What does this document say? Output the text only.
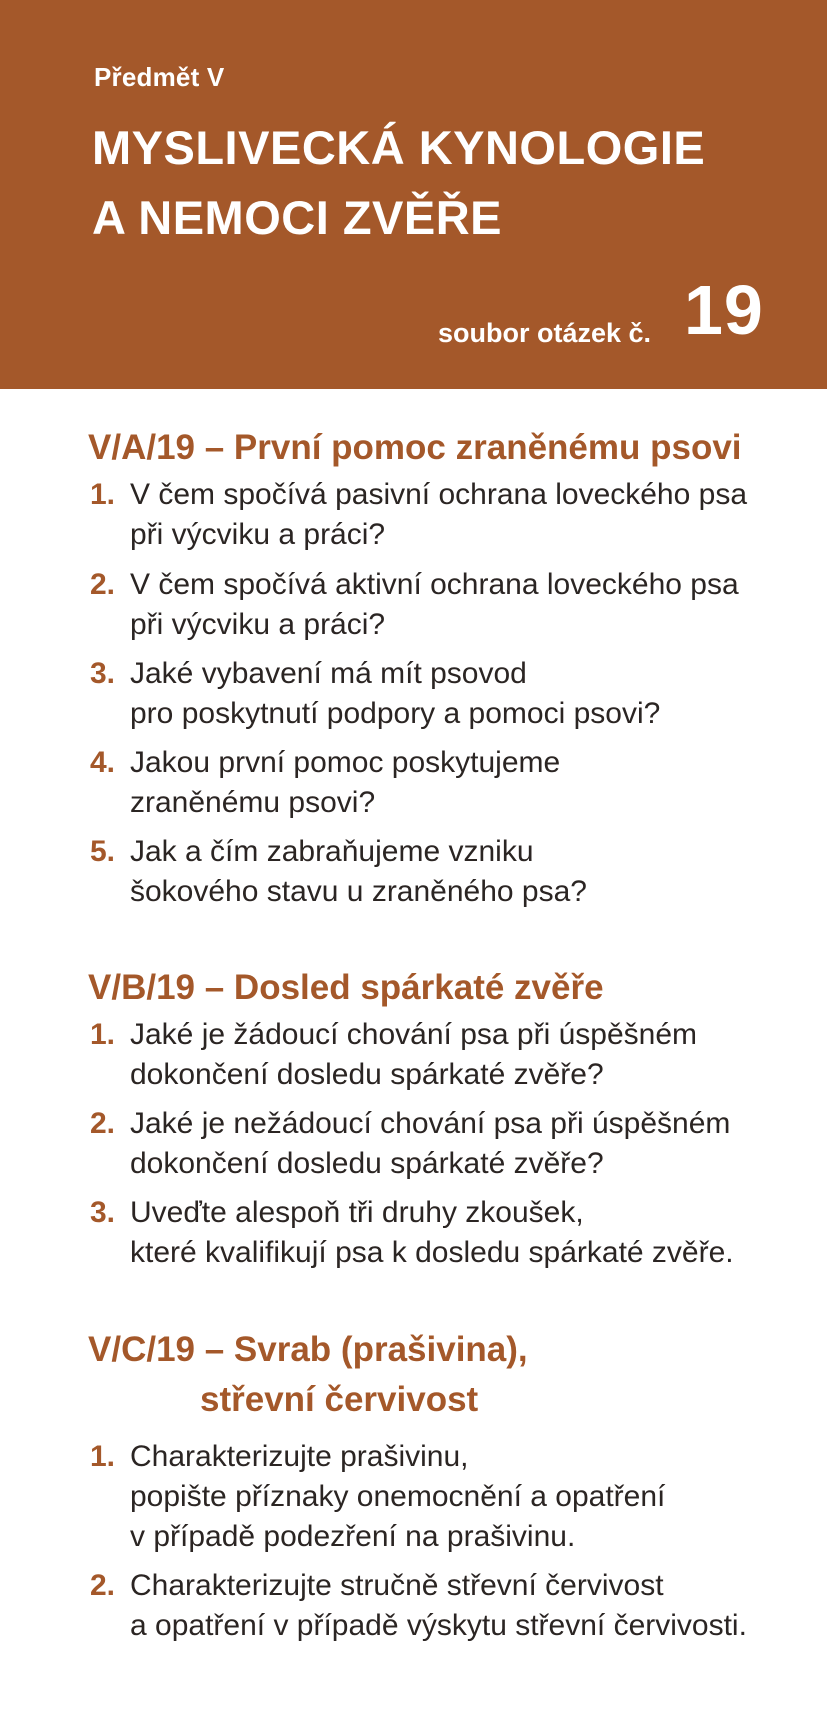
Předmět V
MYSLIVECKÁ KYNOLOGIE
A NEMOCI ZVĚŘE
soubor otázek č. 19
V/A/19 – První pomoc zraněnému psovi
1. V čem spočívá pasivní ochrana loveckého psa
při výcviku a práci?
2. V čem spočívá aktivní ochrana loveckého psa
při výcviku a práci?
3. Jaké vybavení má mít psovod
pro poskytnutí podpory a pomoci psovi?
4. Jakou první pomoc poskytujeme
zraněnému psovi?
5. Jak a čím zabraňujeme vzniku
šokového stavu u zraněného psa?
V/B/19 – Dosled spárkaté zvěře
1. Jaké je žádoucí chování psa při úspěšném
dokončení dosledu spárkaté zvěře?
2. Jaké je nežádoucí chování psa při úspěšném
dokončení dosledu spárkaté zvěře?
3. Uveďte alespoň tři druhy zkoušek,
které kvalifikují psa k dosledu spárkaté zvěře.
V/C/19 – Svrab (prašivina),
střevní červivost
1. Charakterizujte prašivinu,
popište příznaky onemocnění a opatření
v případě podezření na prašivinu.
2. Charakterizujte stručně střevní červivost
a opatření v případě výskytu střevní červivosti.
